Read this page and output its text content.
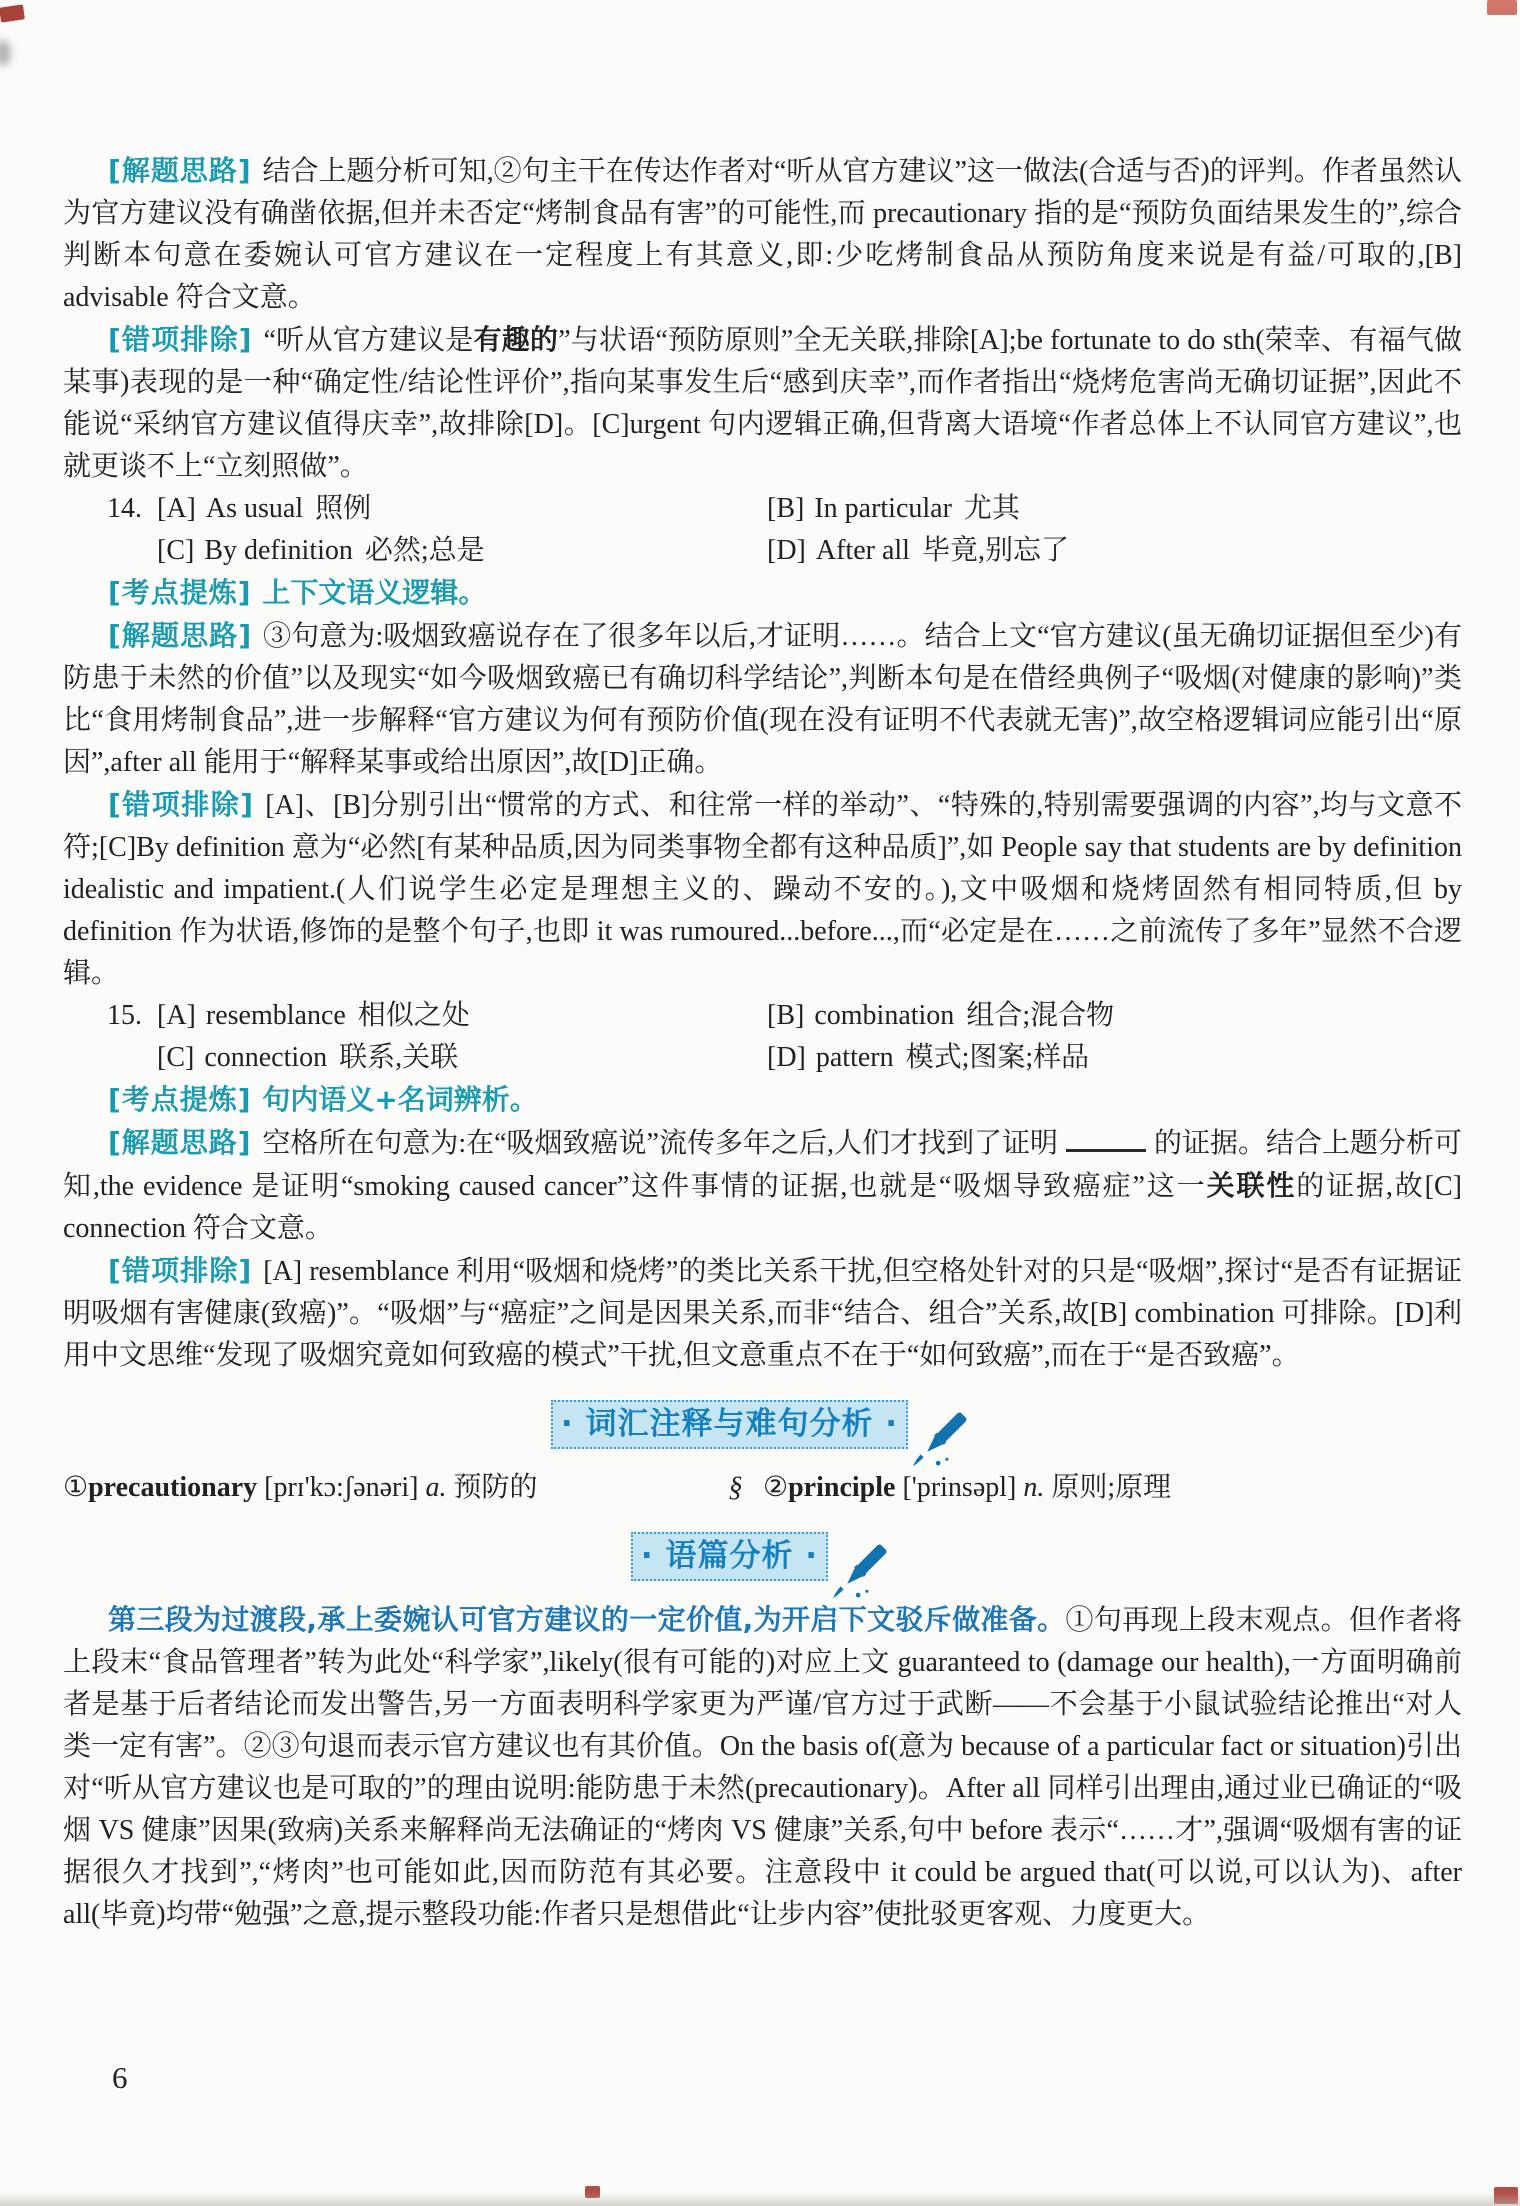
[解题思路] 结合上题分析可知,②句主干在传达作者对“听从官方建议”这一做法(合适与否)的评判。作者虽然认为官方建议没有确凿依据,但并未否定“烤制食品有害”的可能性,而 precautionary 指的是“预防负面结果发生的”,综合判断本句意在委婉认可官方建议在一定程度上有其意义,即:少吃烤制食品从预防角度来说是有益/可取的,[B] advisable 符合文意。

[错项排除] “听从官方建议是有趣的”与状语“预防原则”全无关联,排除[A];be fortunate to do sth(荣幸、有福气做某事)表现的是一种“确定性/结论性评价”,指向某事发生后“感到庆幸”,而作者指出“烧烤危害尚无确切证据”,因此不能说“采纳官方建议值得庆幸”,故排除[D]。[C]urgent 句内逻辑正确,但背离大语境“作者总体上不认同官方建议”,也就更谈不上“立刻照做”。

14. [A] As usual 照例	[B] In particular 尤其
[C] By definition 必然;总是	[D] After all 毕竟,别忘了

[考点提炼] 上下文语义逻辑。

[解题思路] ③句意为:吸烟致癌说存在了很多年以后,才证明……。结合上文“官方建议(虽无确切证据但至少)有防患于未然的价值”以及现实“如今吸烟致癌已有确切科学结论”,判断本句是在借经典例子“吸烟(对健康的影响)”类比“食用烤制食品”,进一步解释“官方建议为何有预防价值(现在没有证明不代表就无害)”,故空格逻辑词应能引出“原因”,after all 能用于“解释某事或给出原因”,故[D]正确。

[错项排除] [A]、[B]分别引出“惯常的方式、和往常一样的举动”、“特殊的,特别需要强调的内容”,均与文意不符;[C]By definition 意为“必然[有某种品质,因为同类事物全都有这种品质]”,如 People say that students are by definition idealistic and impatient.(人们说学生必定是理想主义的、躁动不安的。),文中吸烟和烧烤固然有相同特质,但 by definition 作为状语,修饰的是整个句子,也即 it was rumoured...before...,而“必定是在……之前流传了多年”显然不合逻辑。

15. [A] resemblance 相似之处	[B] combination 组合;混合物
[C] connection 联系,关联	[D] pattern 模式;图案;样品

[考点提炼] 句内语义+名词辨析。

[解题思路] 空格所在句意为:在“吸烟致癌说”流传多年之后,人们才找到了证明	的证据。结合上题分析可知,the evidence 是证明“smoking caused cancer”这件事情的证据,也就是“吸烟导致癌症”这一关联性的证据,故[C] connection 符合文意。

[错项排除] [A] resemblance 利用“吸烟和烧烤”的类比关系干扰,但空格处针对的只是“吸烟”,探讨“是否有证据证明吸烟有害健康(致癌)”。“吸烟”与“癌症”之间是因果关系,而非“结合、组合”关系,故[B] combination 可排除。[D]利用中文思维“发现了吸烟究竟如何致癌的模式”干扰,但文意重点不在于“如何致癌”,而在于“是否致癌”。

· 词汇注释与难句分析 ·
①precautionary [prɪ'kɔ:ʃənəri] a. 预防的	§ ②principle ['prinsəpl] n. 原则;原理
· 语篇分析 ·

第三段为过渡段,承上委婉认可官方建议的一定价值,为开启下文驳斥做准备。①句再现上段末观点。但作者将上段末“食品管理者”转为此处“科学家”,likely(很有可能的)对应上文 guaranteed to (damage our health),一方面明确前者是基于后者结论而发出警告,另一方面表明科学家更为严谨/官方过于武断——不会基于小鼠试验结论推出“对人类一定有害”。②③句退而表示官方建议也有其价值。On the basis of(意为 because of a particular fact or situation)引出对“听从官方建议也是可取的”的理由说明:能防患于未然(precautionary)。After all 同样引出理由,通过业已确证的“吸烟 VS 健康”因果(致病)关系来解释尚无法确证的“烤肉 VS 健康”关系,句中 before 表示“……才”,强调“吸烟有害的证据很久才找到”,“烤肉”也可能如此,因而防范有其必要。注意段中 it could be argued that(可以说,可以认为)、after all(毕竟)均带“勉强”之意,提示整段功能:作者只是想借此“让步内容”使批驳更客观、力度更大。

6
